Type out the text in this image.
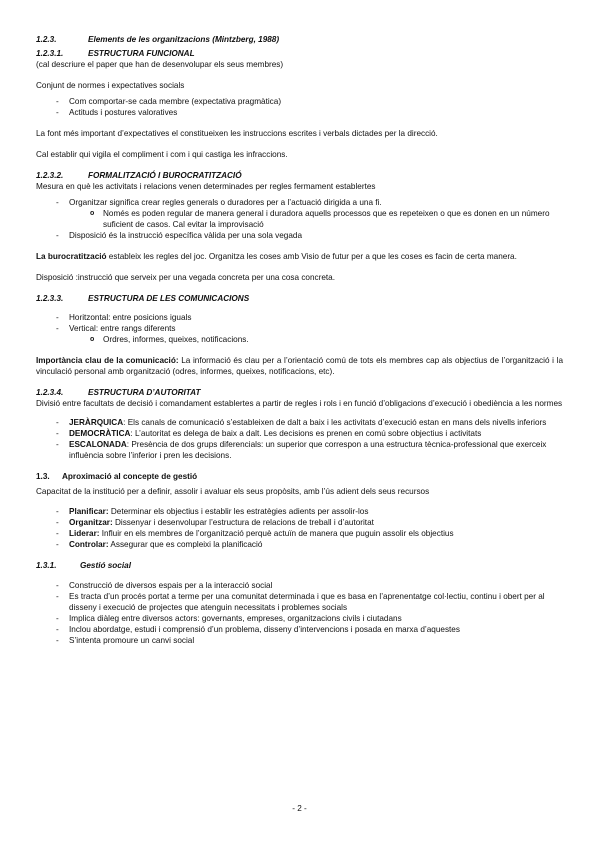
1.2.3.	Elements de les organitzacions (Mintzberg, 1988)

1.2.3.1.	ESTRUCTURA FUNCIONAL

(cal descriure el paper que han de desenvolupar els seus membres)

Conjunt de normes i expectatives socials

- Com comportar-se cada membre (expectativa pragmàtica)
- Actituds i postures valoratives

La font més important d’expectatives el constitueixen les instruccions escrites i verbals dictades per la direcció.

Cal establir qui vigila el compliment i com i qui castiga les infraccions.

1.2.3.2.	FORMALITZACIÓ I BUROCRATITZACIÓ

Mesura en què les activitats i relacions venen determinades per regles fermament establertes

- Organitzar significa crear regles generals o duradores per a l’actuació dirigida a una fi.
o Només es poden regular de manera general i duradora aquells processos que es repeteixen o que es donen en un número suficient de casos. Cal evitar la improvisació
- Disposició és la instrucció específica vàlida per una sola vegada

La burocratització estableix les regles del joc. Organitza les coses amb Visio de futur per a que les coses es facin de certa manera.

Disposició :instrucció que serveix per una vegada concreta per una cosa concreta.

1.2.3.3.	ESTRUCTURA DE LES COMUNICACIONS

- Horitzontal: entre posicions iguals
- Vertical: entre rangs diferents
o Ordres, informes, queixes, notificacions.

Importància clau de la comunicació: La informació és clau per a l’orientació comú de tots els membres cap als objectius de l’organització i la vinculació personal amb organització (odres, informes, queixes, notificacions, etc).

1.2.3.4.	ESTRUCTURA D’AUTORITAT

Divisió entre facultats de decisió i comandament establertes a partir de regles i rols i en funció d’obligacions d’execució i obediència a les normes

- JERÀRQUICA: Els canals de comunicació s’estableixen de dalt a baix i les activitats d’execució estan en mans dels nivells inferiors
- DEMOCRÀTICA: L’autoritat es delega de baix a dalt. Les decisions es prenen en comú sobre objectius i activitats
- ESCALONADA: Presència de dos grups diferencials: un superior que correspon a una estructura tècnica-professional que exerceix influència sobre l’inferior i pren les decisions.

1.3. Aproximació al concepte de gestió

Capacitat de la institució per a definir, assolir i avaluar els seus propòsits, amb l’ús adient dels seus recursos

- Planificar: Determinar els objectius i establir les estratègies adients per assolir-los
- Organitzar: Dissenyar i desenvolupar l’estructura de relacions de treball i d’autoritat
- Liderar: Influir en els membres de l’organització perquè actuïn de manera que puguin assolir els objectius
- Controlar: Assegurar que es compleixi la planificació

1.3.1.	Gestió social

- Construcció de diversos espais per a la interacció social
- Es tracta d’un procés portat a terme per una comunitat determinada i que es basa en l’aprenentatge col·lectiu, continu i obert per al disseny i execució de projectes que atenguin necessitats i problemes socials
- Implica diàleg entre diversos actors: governants, empreses, organitzacions civils i ciutadans
- Inclou abordatge, estudi i comprensió d’un problema, disseny d’intervencions i posada en marxa d’aquestes
- S’intenta promoure un canvi social
- 2 -
